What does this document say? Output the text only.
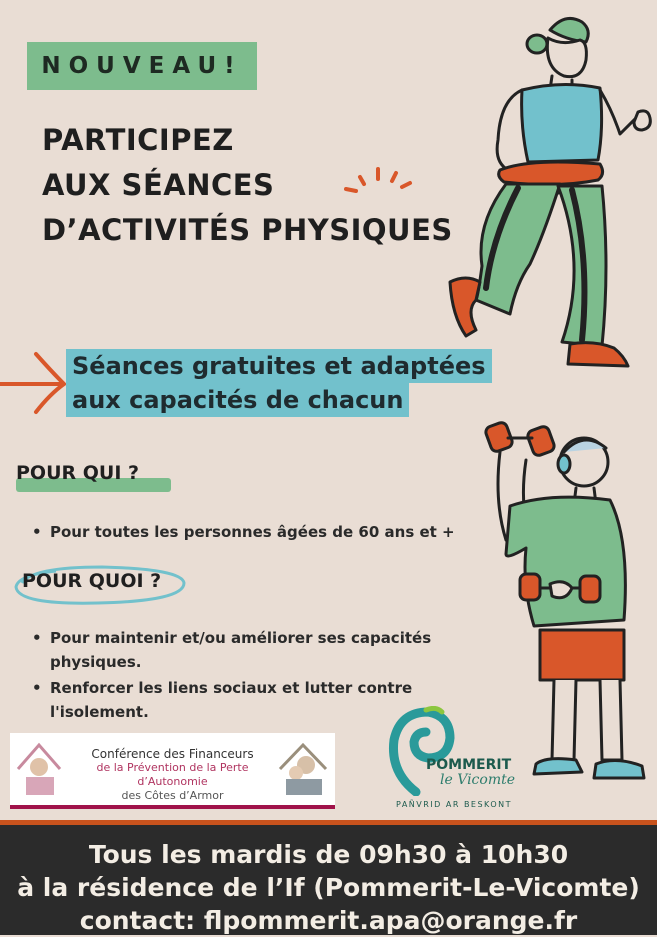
NOUVEAU!
PARTICIPEZ
AUX SÉANCES
D’ACTIVITÉS PHYSIQUES
Séances gratuites et adaptées
aux capacités de chacun
POUR QUI ?
• Pour toutes les personnes âgées de 60 ans et +
POUR QUOI ?
• Pour maintenir et/ou améliorer ses capacités physiques.
• Renforcer les liens sociaux et lutter contre l'isolement.
Conférence des Financeurs
de la Prévention de la Perte d’Autonomie
des Côtes d’Armor
POMMERIT
le Vicomte
PAÑVRID AR BESKONT
Tous les mardis de 09h30 à 10h30
à la résidence de l’If (Pommerit-Le-Vicomte)
contact: flpommerit.apa@orange.fr
